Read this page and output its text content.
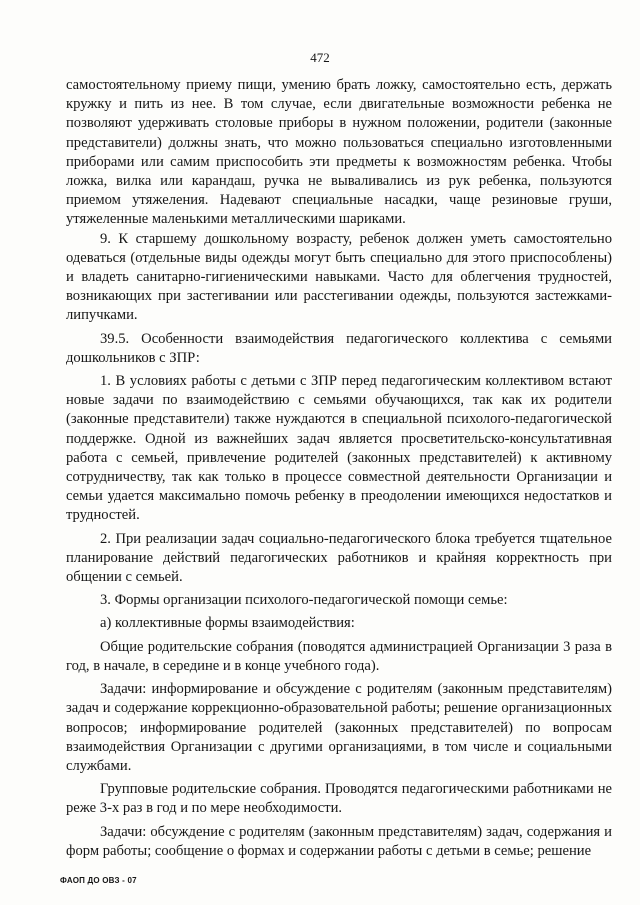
472

самостоятельному приему пищи, умению брать ложку, самостоятельно есть, держать кружку и пить из нее. В том случае, если двигательные возможности ребенка не позволяют удерживать столовые приборы в нужном положении, родители (законные представители) должны знать, что можно пользоваться специально изготовленными приборами или самим приспособить эти предметы к возможностям ребенка. Чтобы ложка, вилка или карандаш, ручка не вываливались из рук ребенка, пользуются приемом утяжеления. Надевают специальные насадки, чаще резиновые груши, утяжеленные маленькими металлическими шариками.

9. К старшему дошкольному возрасту, ребенок должен уметь самостоятельно одеваться (отдельные виды одежды могут быть специально для этого приспособлены) и владеть санитарно-гигиеническими навыками. Часто для облегчения трудностей, возникающих при застегивании или расстегивании одежды, пользуются застежками-липучками.

39.5. Особенности взаимодействия педагогического коллектива с семьями дошкольников с ЗПР:

1. В условиях работы с детьми с ЗПР перед педагогическим коллективом встают новые задачи по взаимодействию с семьями обучающихся, так как их родители (законные представители) также нуждаются в специальной психолого-педагогической поддержке. Одной из важнейших задач является просветительско-консультативная работа с семьей, привлечение родителей (законных представителей) к активному сотрудничеству, так как только в процессе совместной деятельности Организации и семьи удается максимально помочь ребенку в преодолении имеющихся недостатков и трудностей.

2. При реализации задач социально-педагогического блока требуется тщательное планирование действий педагогических работников и крайняя корректность при общении с семьей.

3. Формы организации психолого-педагогической помощи семье:

а) коллективные формы взаимодействия:

Общие родительские собрания (поводятся администрацией Организации 3 раза в год, в начале, в середине и в конце учебного года).

Задачи: информирование и обсуждение с родителям (законным представителям) задач и содержание коррекционно-образовательной работы; решение организационных вопросов; информирование родителей (законных представителей) по вопросам взаимодействия Организации с другими организациями, в том числе и социальными службами.

Групповые родительские собрания. Проводятся педагогическими работниками не реже 3-х раз в год и по мере необходимости.

Задачи: обсуждение с родителям (законным представителям) задач, содержания и форм работы; сообщение о формах и содержании работы с детьми в семье; решение

ФАОП ДО ОВЗ - 07
